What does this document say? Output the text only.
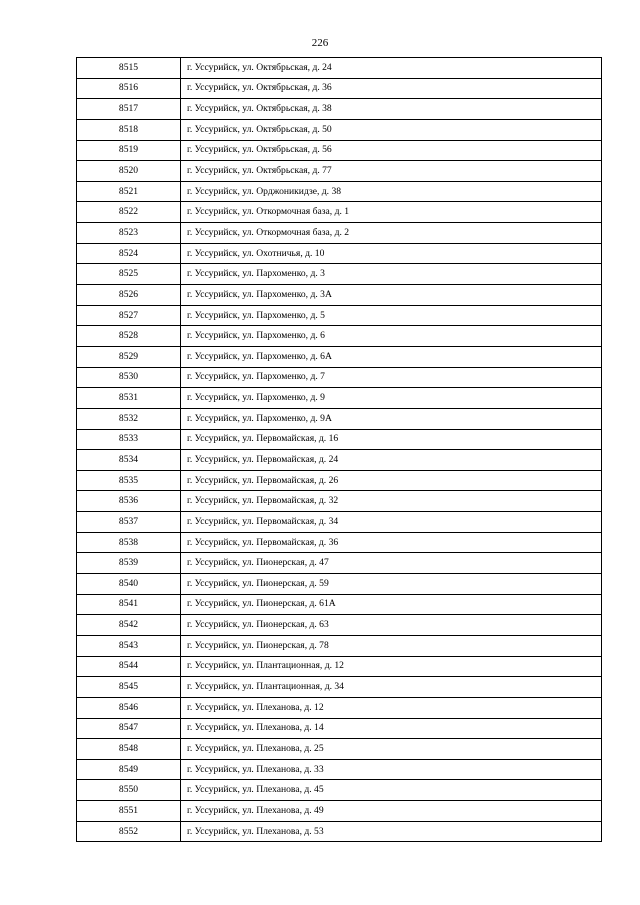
226
8515	г. Уссурийск, ул. Октябрьская, д. 24
8516	г. Уссурийск, ул. Октябрьская, д. 36
8517	г. Уссурийск, ул. Октябрьская, д. 38
8518	г. Уссурийск, ул. Октябрьская, д. 50
8519	г. Уссурийск, ул. Октябрьская, д. 56
8520	г. Уссурийск, ул. Октябрьская, д. 77
8521	г. Уссурийск, ул. Орджоникидзе, д. 38
8522	г. Уссурийск, ул. Откормочная база, д. 1
8523	г. Уссурийск, ул. Откормочная база, д. 2
8524	г. Уссурийск, ул. Охотничья, д. 10
8525	г. Уссурийск, ул. Пархоменко, д. 3
8526	г. Уссурийск, ул. Пархоменко, д. 3А
8527	г. Уссурийск, ул. Пархоменко, д. 5
8528	г. Уссурийск, ул. Пархоменко, д. 6
8529	г. Уссурийск, ул. Пархоменко, д. 6А
8530	г. Уссурийск, ул. Пархоменко, д. 7
8531	г. Уссурийск, ул. Пархоменко, д. 9
8532	г. Уссурийск, ул. Пархоменко, д. 9А
8533	г. Уссурийск, ул. Первомайская, д. 16
8534	г. Уссурийск, ул. Первомайская, д. 24
8535	г. Уссурийск, ул. Первомайская, д. 26
8536	г. Уссурийск, ул. Первомайская, д. 32
8537	г. Уссурийск, ул. Первомайская, д. 34
8538	г. Уссурийск, ул. Первомайская, д. 36
8539	г. Уссурийск, ул. Пионерская, д. 47
8540	г. Уссурийск, ул. Пионерская, д. 59
8541	г. Уссурийск, ул. Пионерская, д. 61А
8542	г. Уссурийск, ул. Пионерская, д. 63
8543	г. Уссурийск, ул. Пионерская, д. 78
8544	г. Уссурийск, ул. Плантационная, д. 12
8545	г. Уссурийск, ул. Плантационная, д. 34
8546	г. Уссурийск, ул. Плеханова, д. 12
8547	г. Уссурийск, ул. Плеханова, д. 14
8548	г. Уссурийск, ул. Плеханова, д. 25
8549	г. Уссурийск, ул. Плеханова, д. 33
8550	г. Уссурийск, ул. Плеханова, д. 45
8551	г. Уссурийск, ул. Плеханова, д. 49
8552	г. Уссурийск, ул. Плеханова, д. 53
